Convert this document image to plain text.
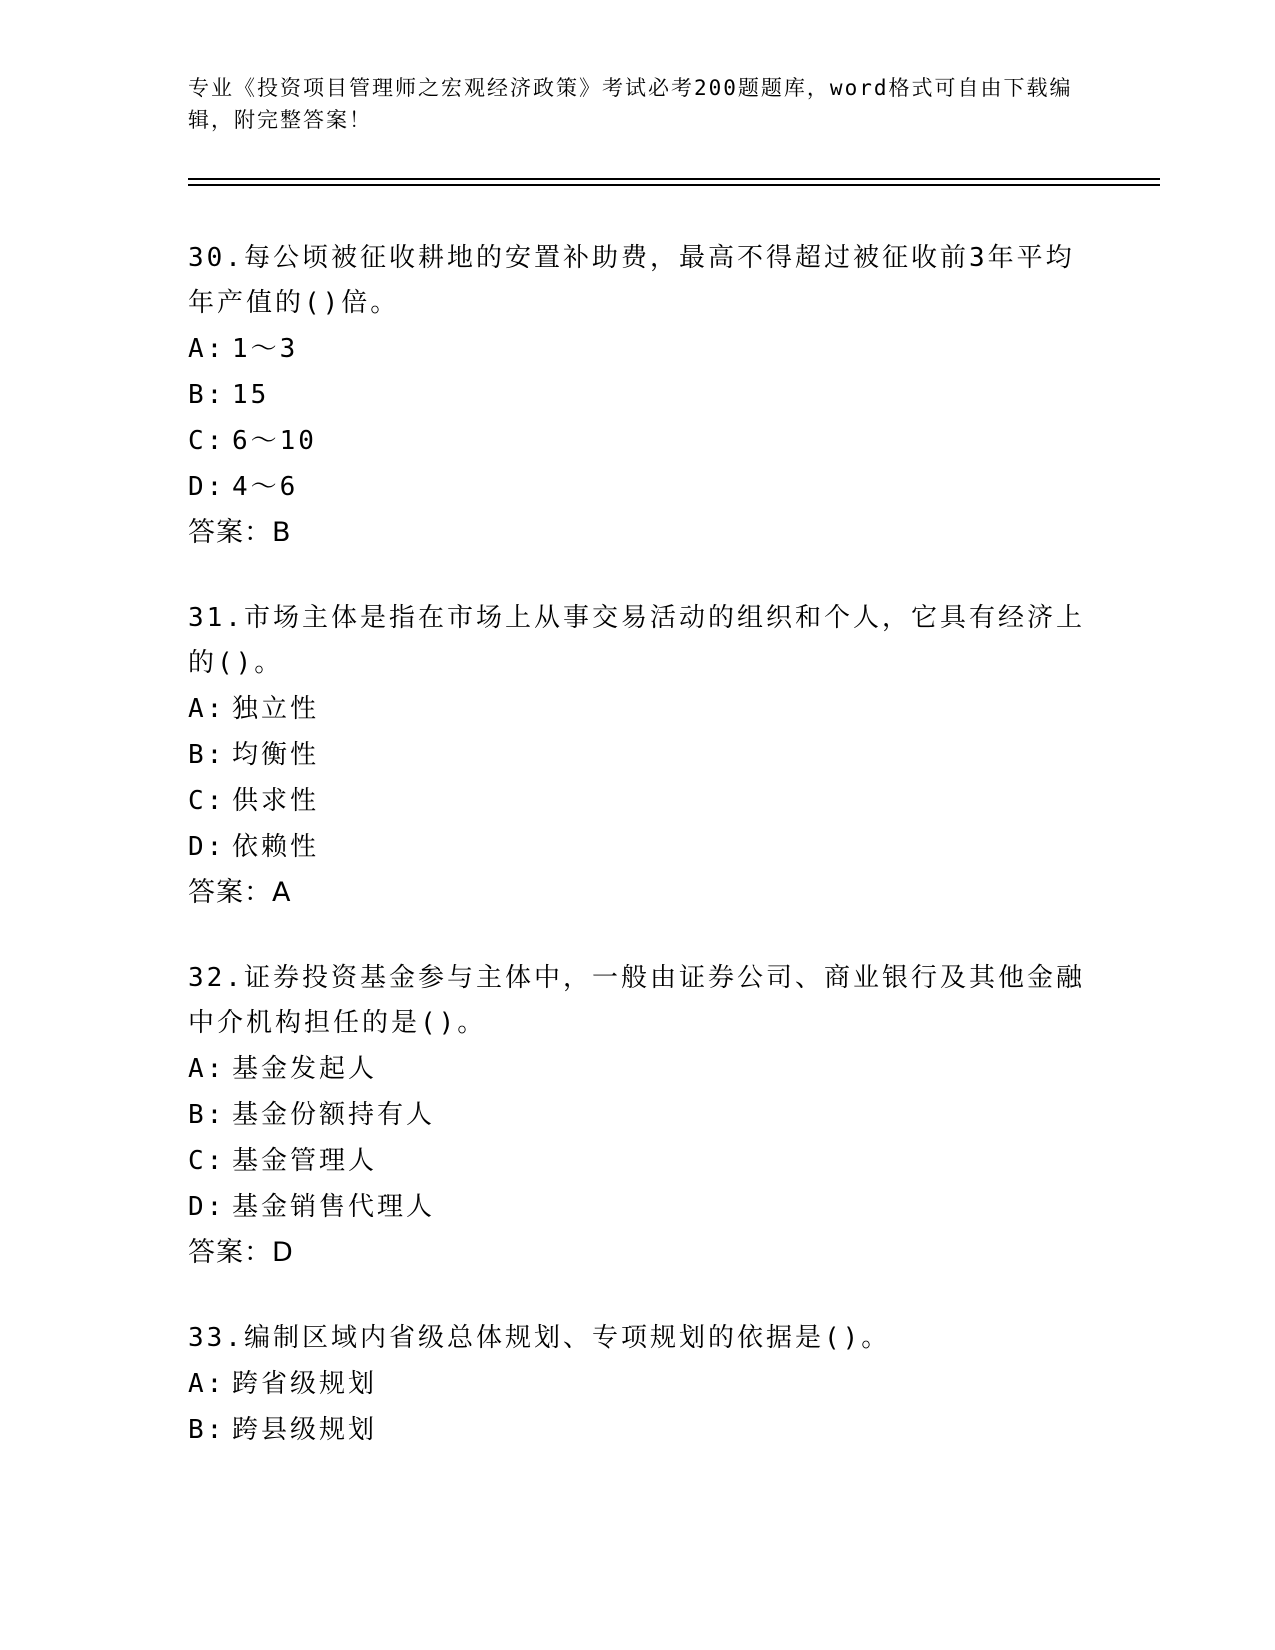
专业《投资项目管理师之宏观经济政策》考试必考200题题库，word格式可自由下载编辑，附完整答案！

30.每公顷被征收耕地的安置补助费，最高不得超过被征收前3年平均年产值的()倍。

A: 1～3
B: 15
C: 6～10
D: 4～6
答案：B

31.市场主体是指在市场上从事交易活动的组织和个人，它具有经济上的()。

A: 独立性
B: 均衡性
C: 供求性
D: 依赖性
答案：A

32.证券投资基金参与主体中，一般由证券公司、商业银行及其他金融中介机构担任的是()。

A: 基金发起人
B: 基金份额持有人
C: 基金管理人
D: 基金销售代理人
答案：D

33.编制区域内省级总体规划、专项规划的依据是()。

A: 跨省级规划
B: 跨县级规划
